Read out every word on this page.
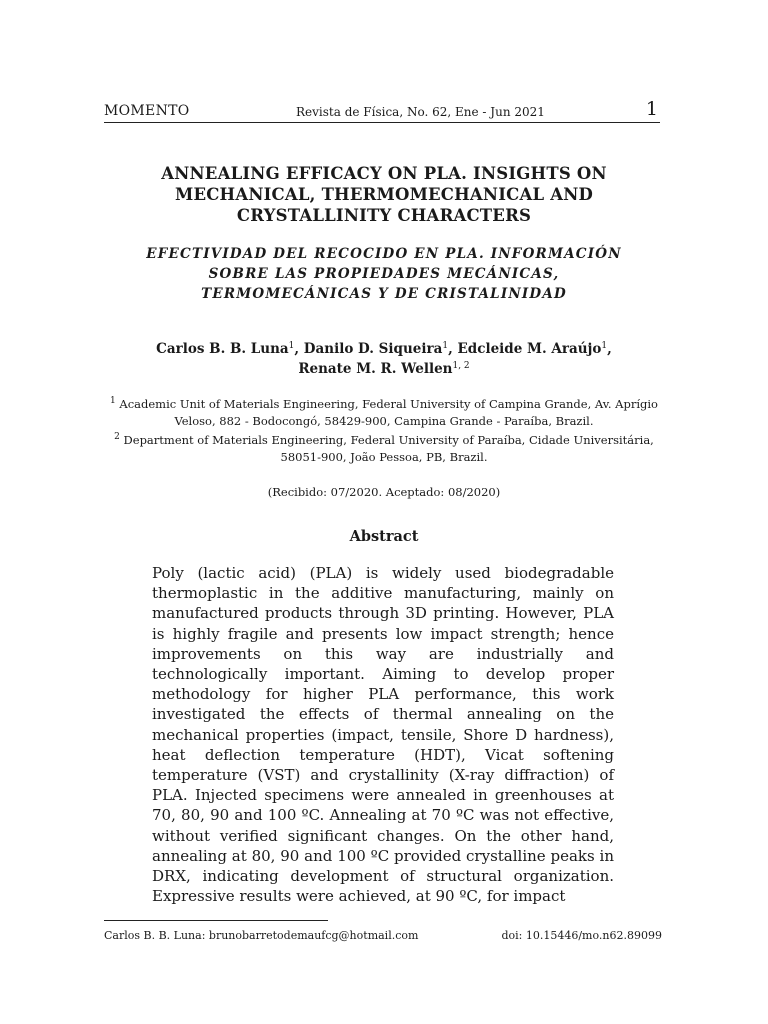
MOMENTO	Revista de Física, No. 62, Ene - Jun 2021	1
ANNEALING EFFICACY ON PLA. INSIGHTS ON
MECHANICAL, THERMOMECHANICAL AND
CRYSTALLINITY CHARACTERS
EFECTIVIDAD DEL RECOCIDO EN PLA. INFORMACIÓN
SOBRE LAS PROPIEDADES MECÁNICAS,
TERMOMECÁNICAS Y DE CRISTALINIDAD
Carlos B. B. Luna$^1$, Danilo D. Siqueira$^1$, Edcleide M. Araújo$^1$,
Renate M. R. Wellen$^{1, 2}$
$^1$ Academic Unit of Materials Engineering, Federal University of Campina Grande, Av. Aprígio Veloso, 882 - Bodocongó, 58429-900, Campina Grande - Paraíba, Brazil.
$^2$ Department of Materials Engineering, Federal University of Paraíba, Cidade Universitária, 58051-900, João Pessoa, PB, Brazil.
(Recibido: 07/2020. Aceptado: 08/2020)
Abstract
Poly (lactic acid) (PLA) is widely used biodegradable thermoplastic in the additive manufacturing, mainly on manufactured products through 3D printing. However, PLA is highly fragile and presents low impact strength; hence improvements on this way are industrially and technologically important. Aiming to develop proper methodology for higher PLA performance, this work investigated the effects of thermal annealing on the mechanical properties (impact, tensile, Shore D hardness), heat deflection temperature (HDT), Vicat softening temperature (VST) and crystallinity (X-ray diffraction) of PLA. Injected specimens were annealed in greenhouses at 70, 80, 90 and 100 ºC. Annealing at 70 ºC was not effective, without verified significant changes. On the other hand, annealing at 80, 90 and 100 ºC provided crystalline peaks in DRX, indicating development of structural organization. Expressive results were achieved, at 90 ºC, for impact
Carlos B. B. Luna: brunobarretodemaufcg@hotmail.com	doi: 10.15446/mo.n62.89099
